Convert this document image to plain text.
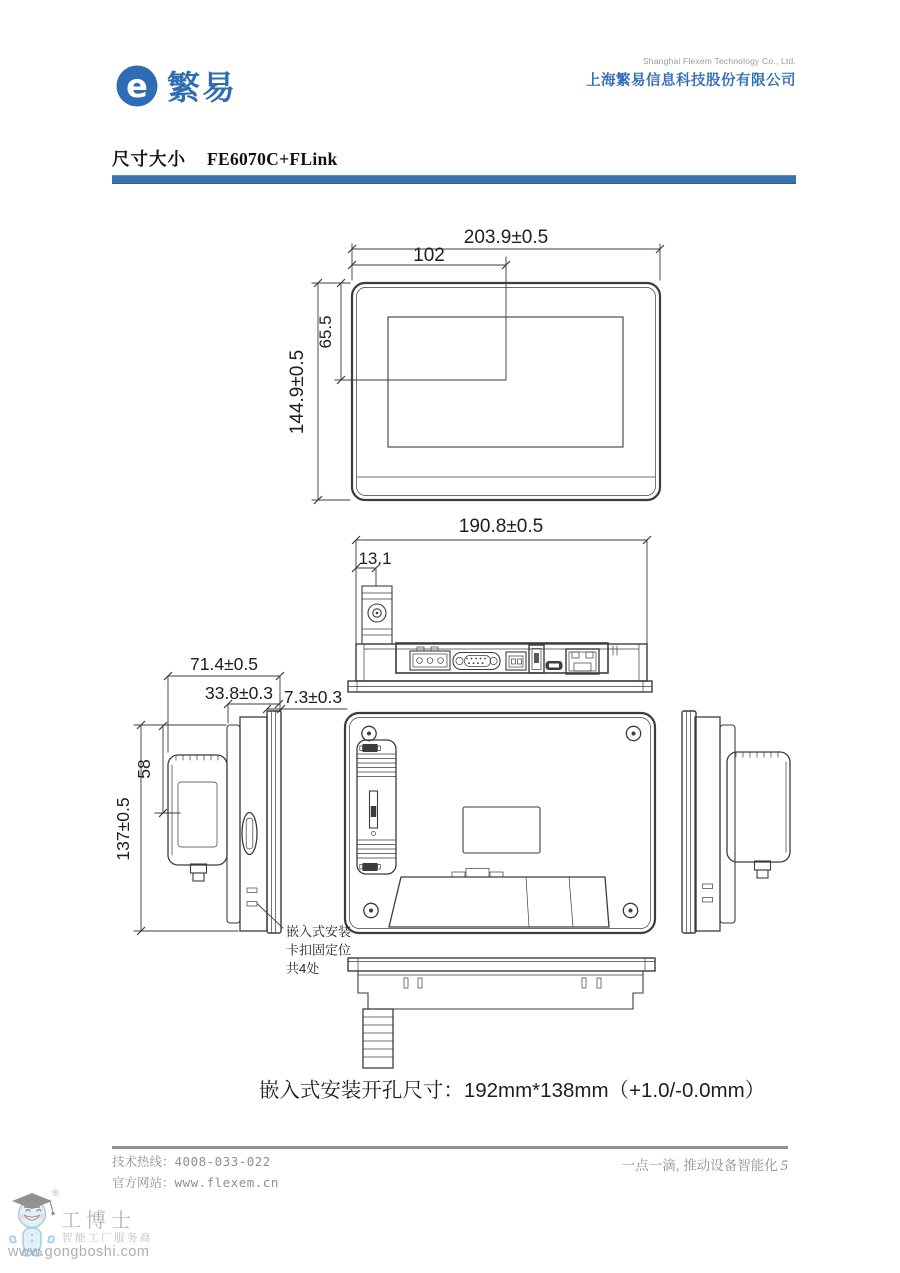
e 繁易
Shanghai Flexem Technology Co., Ltd.
上海繁易信息科技股份有限公司
尺寸大小 FE6070C+FLink
203.9±0.5
102
65.5
144.9±0.5
190.8±0.5
13.1
71.4±0.5
33.8±0.3 7.3±0.3
58
137±0.5
嵌入式安装
卡扣固定位
共4处
嵌入式安装开孔尺寸：192mm*138mm（+1.0/-0.0mm）
技术热线：4008-033-022
官方网站：www.flexem.cn
一点一滴, 推动设备智能化 5
®
工博士
智能工厂服务商
www.gongboshi.com
